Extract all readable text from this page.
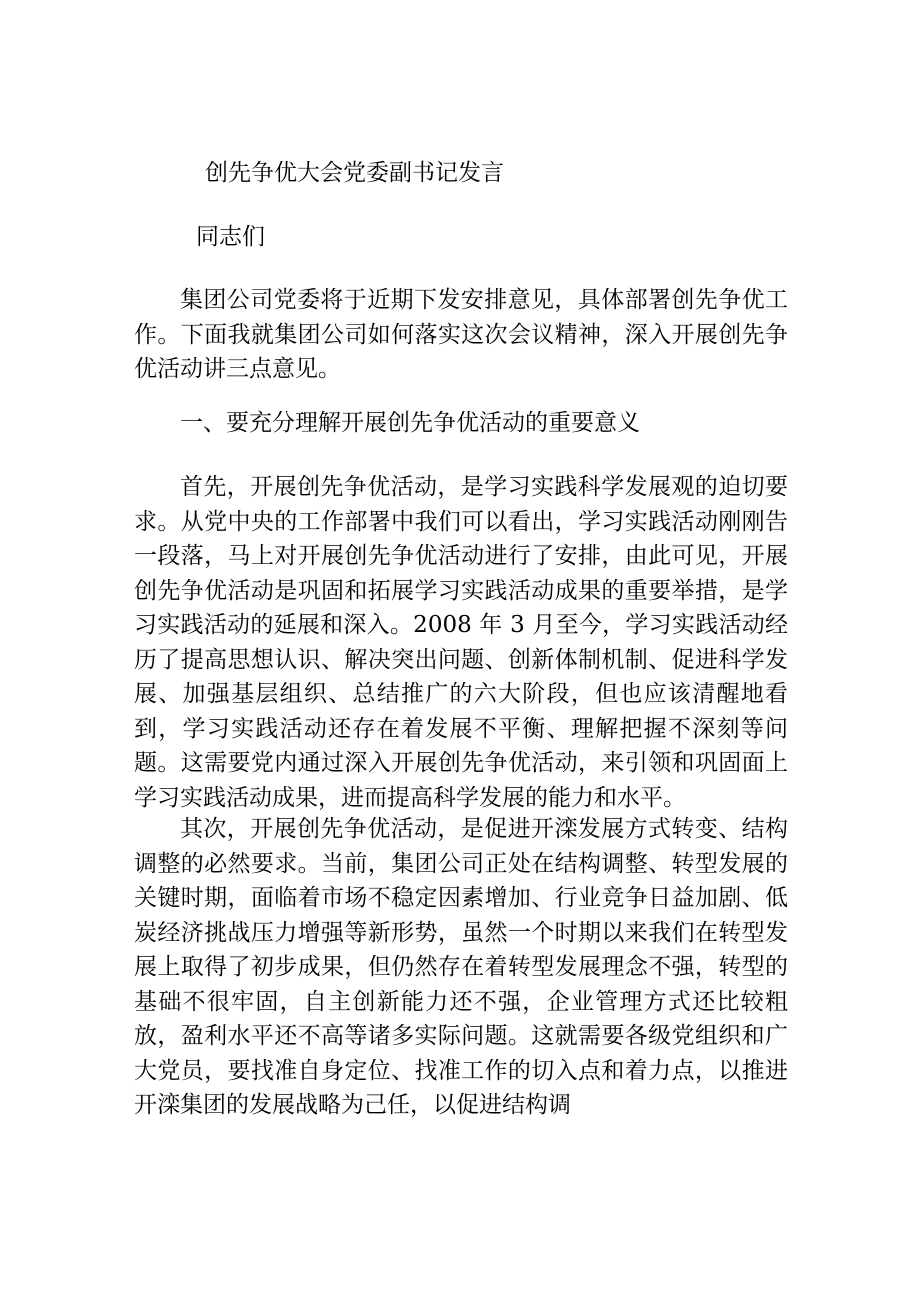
创先争优大会党委副书记发言
同志们

集团公司党委将于近期下发安排意见，具体部署创先争优工作。下面我就集团公司如何落实这次会议精神，深入开展创先争优活动讲三点意见。

一、要充分理解开展创先争优活动的重要意义

首先，开展创先争优活动，是学习实践科学发展观的迫切要求。从党中央的工作部署中我们可以看出，学习实践活动刚刚告一段落，马上对开展创先争优活动进行了安排，由此可见，开展创先争优活动是巩固和拓展学习实践活动成果的重要举措，是学习实践活动的延展和深入。2008 年 3 月至今，学习实践活动经历了提高思想认识、解决突出问题、创新体制机制、促进科学发展、加强基层组织、总结推广的六大阶段，但也应该清醒地看到，学习实践活动还存在着发展不平衡、理解把握不深刻等问题。这需要党内通过深入开展创先争优活动，来引领和巩固面上学习实践活动成果，进而提高科学发展的能力和水平。

其次，开展创先争优活动，是促进开滦发展方式转变、结构调整的必然要求。当前，集团公司正处在结构调整、转型发展的关键时期，面临着市场不稳定因素增加、行业竞争日益加剧、低炭经济挑战压力增强等新形势，虽然一个时期以来我们在转型发展上取得了初步成果，但仍然存在着转型发展理念不强，转型的基础不很牢固，自主创新能力还不强，企业管理方式还比较粗放，盈利水平还不高等诸多实际问题。这就需要各级党组织和广大党员，要找准自身定位、找准工作的切入点和着力点，以推进开滦集团的发展战略为己任，以促进结构调
